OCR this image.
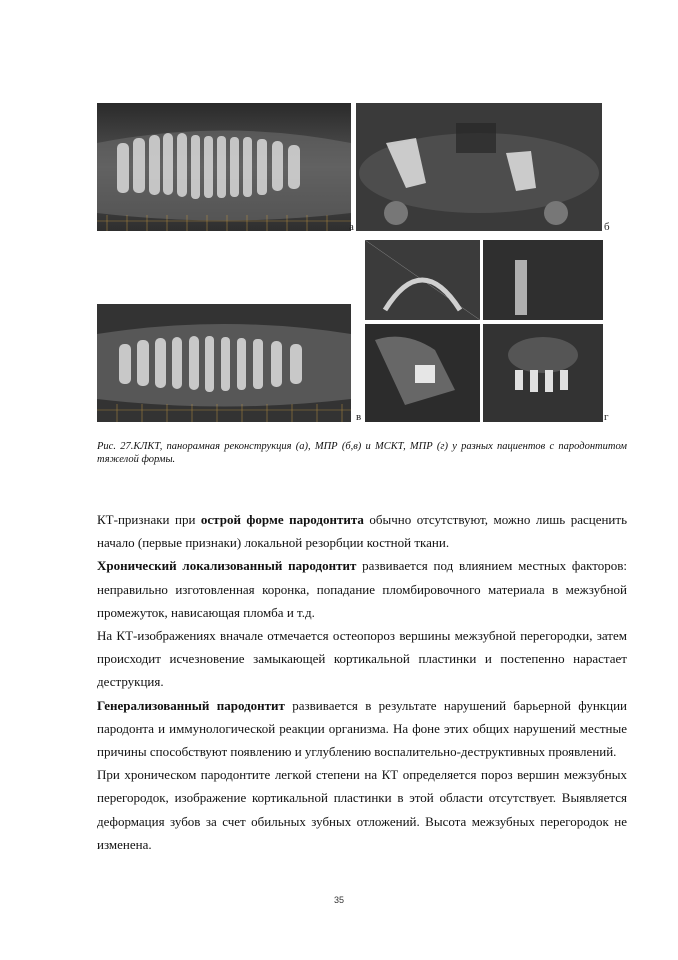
а	б
в	г
Рис. 27.КЛКТ, панорамная реконструкция (а), МПР (б,в) и МСКТ, МПР (г) у разных пациентов с пародонтитом тяжелой формы.

КТ-признаки при острой форме пародонтита обычно отсутствуют, можно лишь расценить начало (первые признаки) локальной резорбции костной ткани.

Хронический локализованный пародонтит развивается под влиянием местных факторов: неправильно изготовленная коронка, попадание пломбировочного материала в межзубной промежуток, нависающая пломба и т.д.

На КТ-изображениях вначале отмечается остеопороз вершины межзубной перегородки, затем происходит исчезновение замыкающей кортикальной пластинки и постепенно нарастает деструкция.

Генерализованный пародонтит развивается в результате нарушений барьерной функции пародонта и иммунологической реакции организма. На фоне этих общих нарушений местные причины способствуют появлению и углублению воспалительно-деструктивных проявлений.

При хроническом пародонтите легкой степени на КТ определяется пороз вершин межзубных перегородок, изображение кортикальной пластинки в этой области отсутствует. Выявляется деформация зубов за счет обильных зубных отложений. Высота межзубных перегородок не изменена.

35
